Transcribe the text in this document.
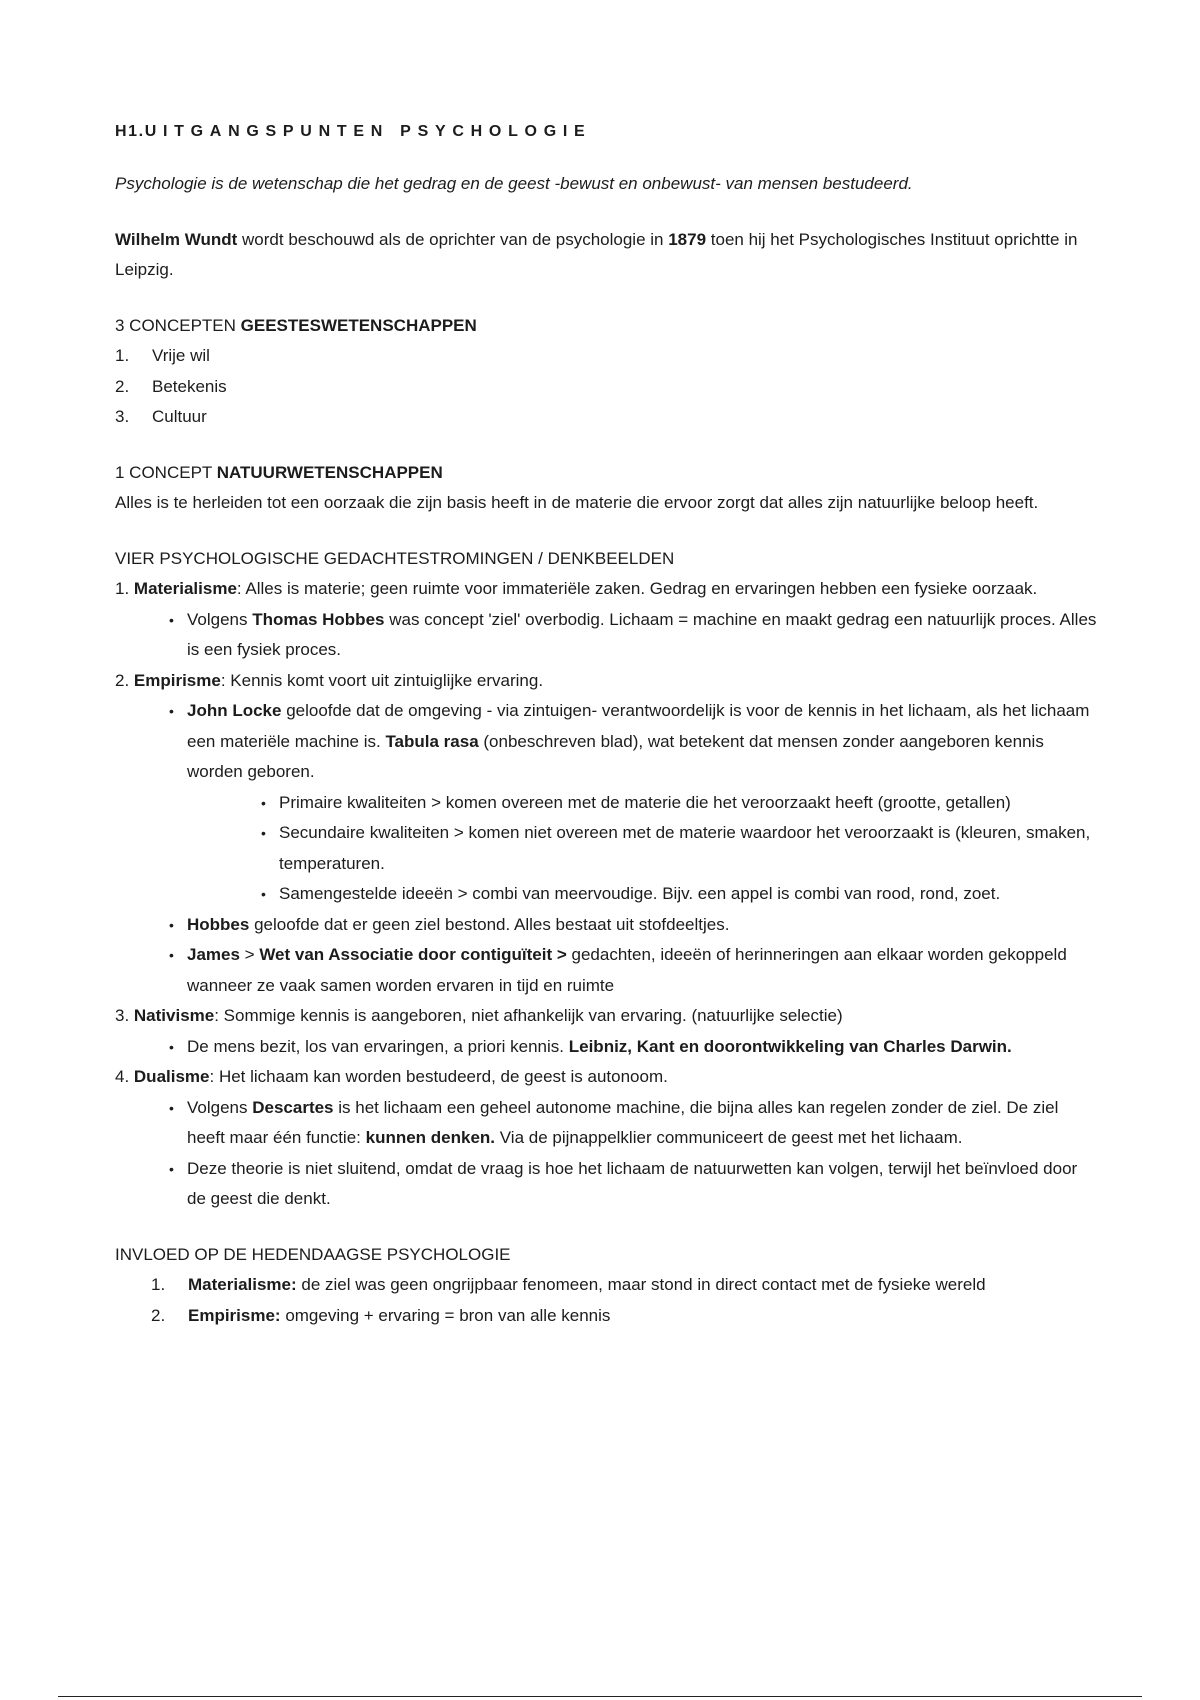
H1.UITGANGSPUNTEN PSYCHOLOGIE

Psychologie is de wetenschap die het gedrag en de geest -bewust en onbewust- van mensen bestudeerd.

Wilhelm Wundt wordt beschouwd als de oprichter van de psychologie in 1879 toen hij het Psychologisches Instituut oprichtte in Leipzig.

3 CONCEPTEN GEESTESWETENSCHAPPEN

1.	Vrije wil
2.	Betekenis
3.	Cultuur

1 CONCEPT NATUURWETENSCHAPPEN

Alles is te herleiden tot een oorzaak die zijn basis heeft in de materie die ervoor zorgt dat alles zijn natuurlijke beloop heeft.

VIER PSYCHOLOGISCHE GEDACHTESTROMINGEN / DENKBEELDEN

1. Materialisme: Alles is materie; geen ruimte voor immateriële zaken. Gedrag en ervaringen hebben een fysieke oorzaak.

• Volgens Thomas Hobbes was concept 'ziel' overbodig. Lichaam = machine en maakt gedrag een natuurlijk proces. Alles is een fysiek proces.

2. Empirisme: Kennis komt voort uit zintuiglijke ervaring.

• John Locke geloofde dat de omgeving - via zintuigen- verantwoordelijk is voor de kennis in het lichaam, als het lichaam een materiële machine is. Tabula rasa (onbeschreven blad), wat betekent dat mensen zonder aangeboren kennis worden geboren.
• Primaire kwaliteiten > komen overeen met de materie die het veroorzaakt heeft (grootte, getallen)
• Secundaire kwaliteiten > komen niet overeen met de materie waardoor het veroorzaakt is (kleuren, smaken, temperaturen.
• Samengestelde ideeën > combi van meervoudige. Bijv. een appel is combi van rood, rond, zoet.
• Hobbes geloofde dat er geen ziel bestond. Alles bestaat uit stofdeeltjes.
• James > Wet van Associatie door contiguïteit > gedachten, ideeën of herinneringen aan elkaar worden gekoppeld wanneer ze vaak samen worden ervaren in tijd en ruimte

3. Nativisme: Sommige kennis is aangeboren, niet afhankelijk van ervaring. (natuurlijke selectie)

• De mens bezit, los van ervaringen, a priori kennis. Leibniz, Kant en doorontwikkeling van Charles Darwin.

4. Dualisme: Het lichaam kan worden bestudeerd, de geest is autonoom.

• Volgens Descartes is het lichaam een geheel autonome machine, die bijna alles kan regelen zonder de ziel. De ziel heeft maar één functie: kunnen denken. Via de pijnappelklier communiceert de geest met het lichaam.
• Deze theorie is niet sluitend, omdat de vraag is hoe het lichaam de natuurwetten kan volgen, terwijl het beïnvloed door de geest die denkt.

INVLOED OP DE HEDENDAAGSE PSYCHOLOGIE

1.	Materialisme: de ziel was geen ongrijpbaar fenomeen, maar stond in direct contact met de fysieke wereld
2.	Empirisme: omgeving + ervaring = bron van alle kennis
